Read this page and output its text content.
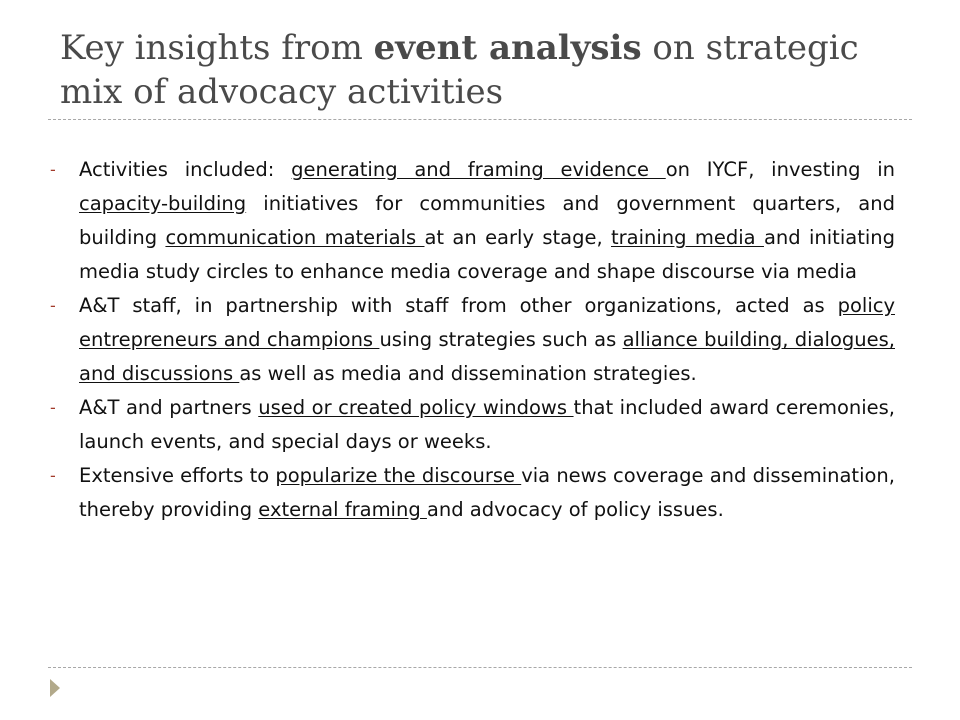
Key insights from event analysis on strategic mix of advocacy activities
- Activities included: generating and framing evidence on IYCF, investing in capacity-building initiatives for communities and government quarters, and building communication materials at an early stage, training media and initiating media study circles to enhance media coverage and shape discourse via media
- A&T staff, in partnership with staff from other organizations, acted as policy entrepreneurs and champions using strategies such as alliance building, dialogues, and discussions as well as media and dissemination strategies.
- A&T and partners used or created policy windows that included award ceremonies, launch events, and special days or weeks.
- Extensive efforts to popularize the discourse via news coverage and dissemination, thereby providing external framing and advocacy of policy issues.
